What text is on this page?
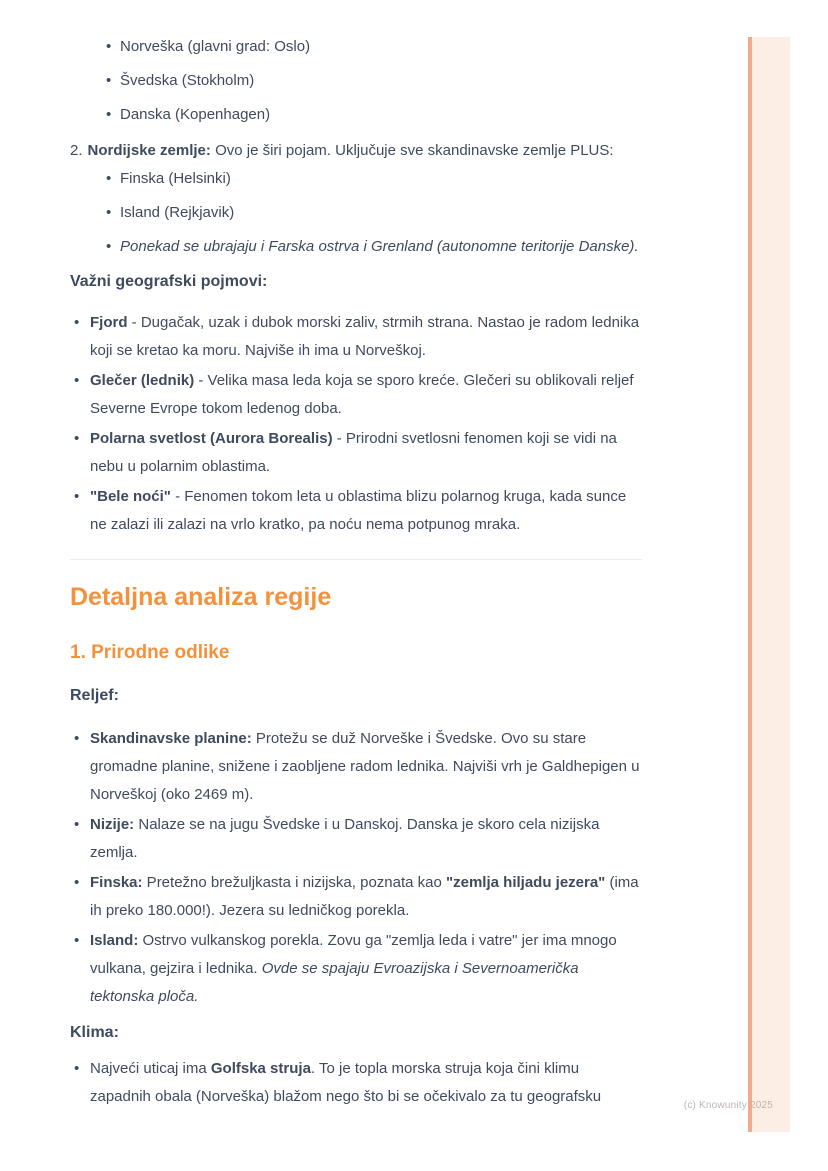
(c) Knowunity 2025
• Norveška (glavni grad: Oslo)
• Švedska (Stokholm)
• Danska (Kopenhagen)
2. Nordijske zemlje: Ovo je širi pojam. Uključuje sve skandinavske zemlje PLUS:
• Finska (Helsinki)
• Island (Rejkjavik)
• Ponekad se ubrajaju i Farska ostrva i Grenland (autonomne teritorije Danske).

Važni geografski pojmovi:

• Fjord - Dugačak, uzak i dubok morski zaliv, strmih strana. Nastao je radom lednika koji se kretao ka moru. Najviše ih ima u Norveškoj.
• Glečer (lednik) - Velika masa leda koja se sporo kreće. Glečeri su oblikovali reljef Severne Evrope tokom ledenog doba.
• Polarna svetlost (Aurora Borealis) - Prirodni svetlosni fenomen koji se vidi na nebu u polarnim oblastima.
• "Bele noći" - Fenomen tokom leta u oblastima blizu polarnog kruga, kada sunce ne zalazi ili zalazi na vrlo kratko, pa noću nema potpunog mraka.
Detaljna analiza regije
1. Prirodne odlike

Reljef:

• Skandinavske planine: Protežu se duž Norveške i Švedske. Ovo su stare gromadne planine, snižene i zaobljene radom lednika. Najviši vrh je Galdhepigen u Norveškoj (oko 2469 m).
• Nizije: Nalaze se na jugu Švedske i u Danskoj. Danska je skoro cela nizijska zemlja.
• Finska: Pretežno brežuljkasta i nizijska, poznata kao "zemlja hiljadu jezera" (ima ih preko 180.000!). Jezera su ledničkog porekla.
• Island: Ostrvo vulkanskog porekla. Zovu ga "zemlja leda i vatre" jer ima mnogo vulkana, gejzira i lednika. Ovde se spajaju Evroazijska i Severnoamerička tektonska ploča.

Klima:

• Najveći uticaj ima Golfska struja. To je topla morska struja koja čini klimu zapadnih obala (Norveška) blažom nego što bi se očekivalo za tu geografsku
